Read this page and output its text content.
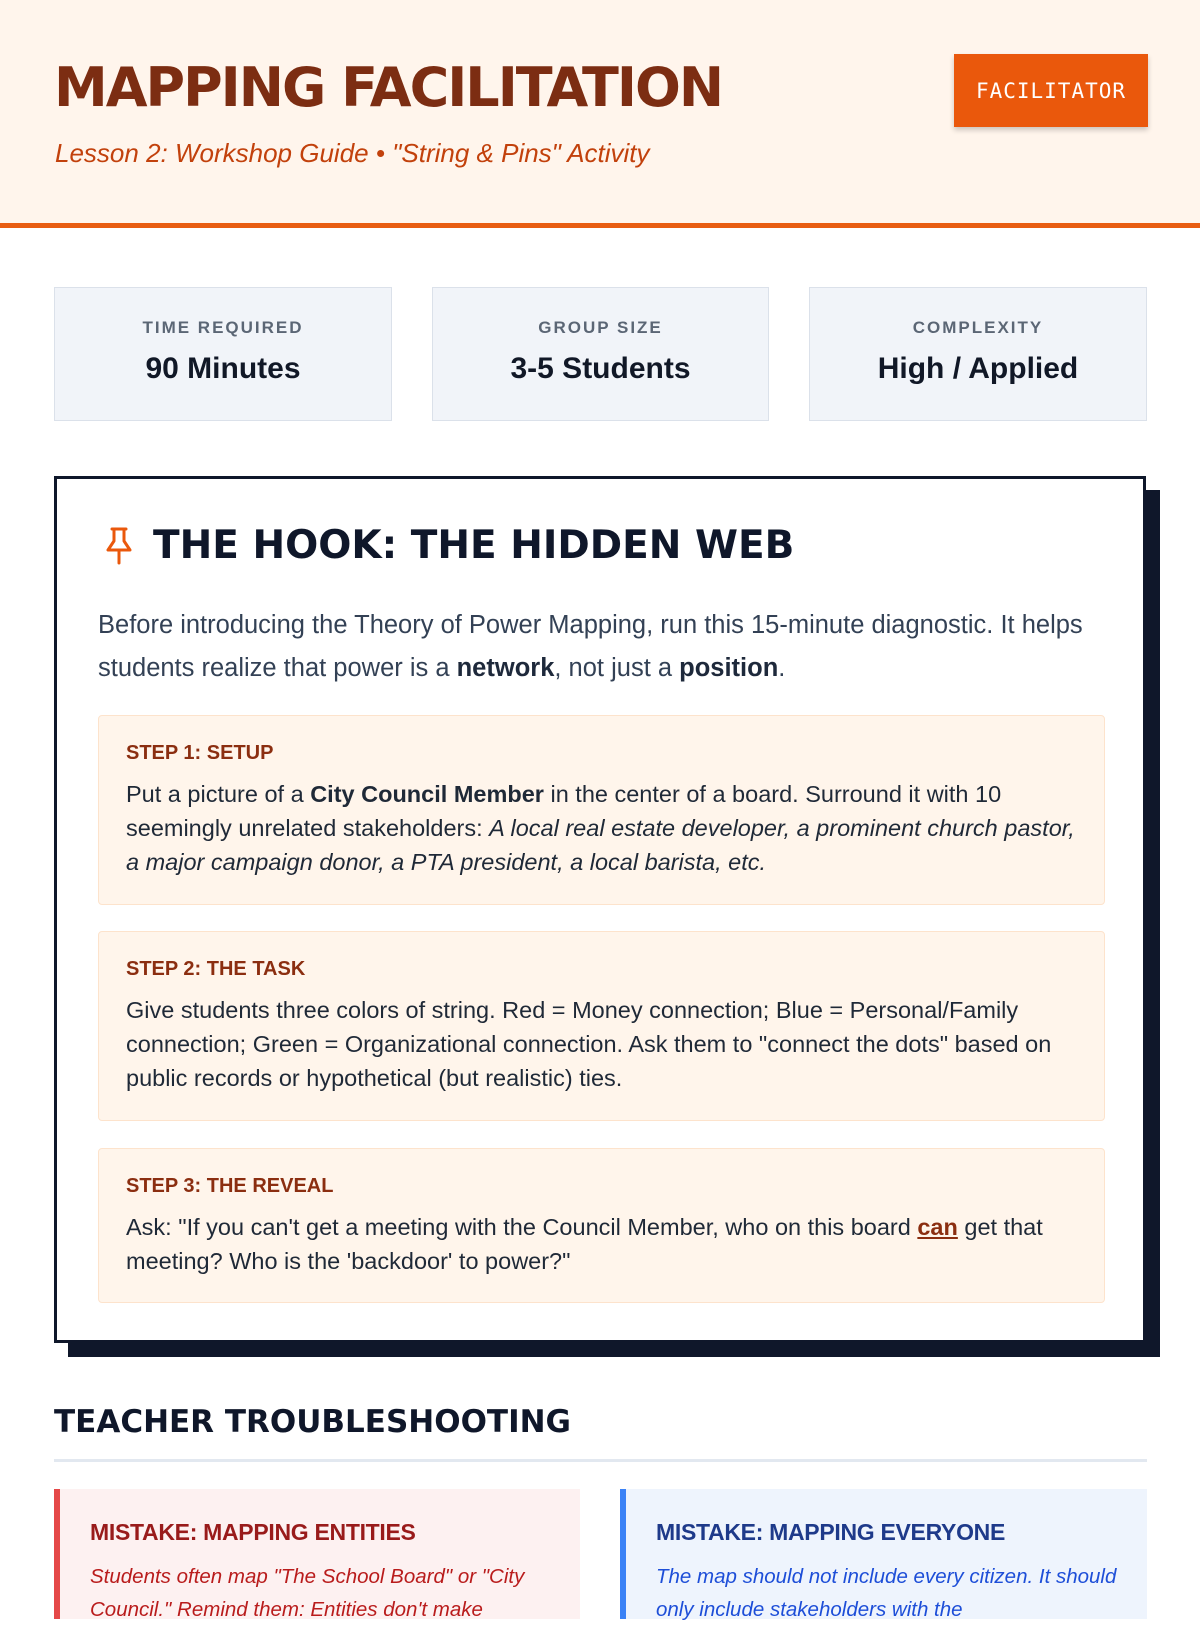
MAPPING FACILITATION
Lesson 2: Workshop Guide • "String & Pins" Activity
FACILITATOR
TIME REQUIRED
90 Minutes
GROUP SIZE
3-5 Students
COMPLEXITY
High / Applied
THE HOOK: THE HIDDEN WEB

Before introducing the Theory of Power Mapping, run this 15-minute diagnostic. It helps students realize that power is a network, not just a position.

STEP 1: SETUP
Put a picture of a City Council Member in the center of a board. Surround it with 10 seemingly unrelated stakeholders: A local real estate developer, a prominent church pastor, a major campaign donor, a PTA president, a local barista, etc.
STEP 2: THE TASK
Give students three colors of string. Red = Money connection; Blue = Personal/Family connection; Green = Organizational connection. Ask them to "connect the dots" based on public records or hypothetical (but realistic) ties.
STEP 3: THE REVEAL
Ask: "If you can't get a meeting with the Council Member, who on this board can get that meeting? Who is the 'backdoor' to power?"
TEACHER TROUBLESHOOTING
MISTAKE: MAPPING ENTITIES
Students often map "The School Board" or "City Council." Remind them: Entities don't make
MISTAKE: MAPPING EVERYONE
The map should not include every citizen. It should only include stakeholders with the
